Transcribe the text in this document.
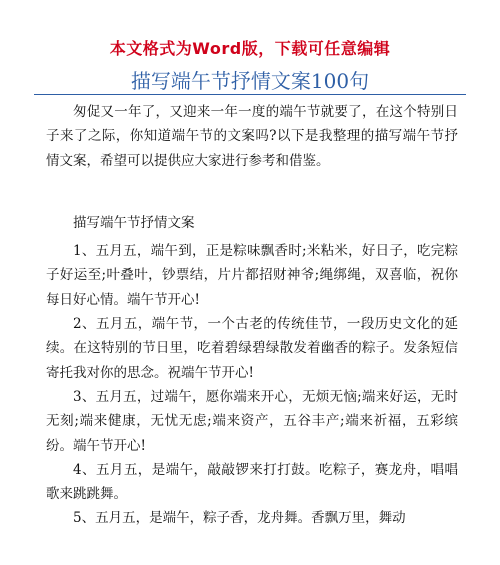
本文格式为Word版，下载可任意编辑
描写端午节抒情文案100句

匆促又一年了，又迎来一年一度的端午节就要了，在这个特别日子来了之际，你知道端午节的文案吗?以下是我整理的描写端午节抒情文案，希望可以提供应大家进行参考和借鉴。

描写端午节抒情文案

1、五月五，端午到，正是粽味飘香时;米粘米，好日子，吃完粽子好运至;叶叠叶，钞票结，片片都招财神爷;绳绑绳，双喜临，祝你每日好心情。端午节开心!

2、五月五，端午节，一个古老的传统佳节，一段历史文化的延续。在这特别的节日里，吃着碧绿碧绿散发着幽香的粽子。发条短信寄托我对你的思念。祝端午节开心!

3、五月五，过端午，愿你端来开心，无烦无恼;端来好运，无时无刻;端来健康，无忧无虑;端来资产，五谷丰产;端来祈福，五彩缤纷。端午节开心!

4、五月五，是端午，敲敲锣来打打鼓。吃粽子，赛龙舟，唱唱歌来跳跳舞。

5、五月五，是端午，粽子香，龙舟舞。香飘万里，舞动
